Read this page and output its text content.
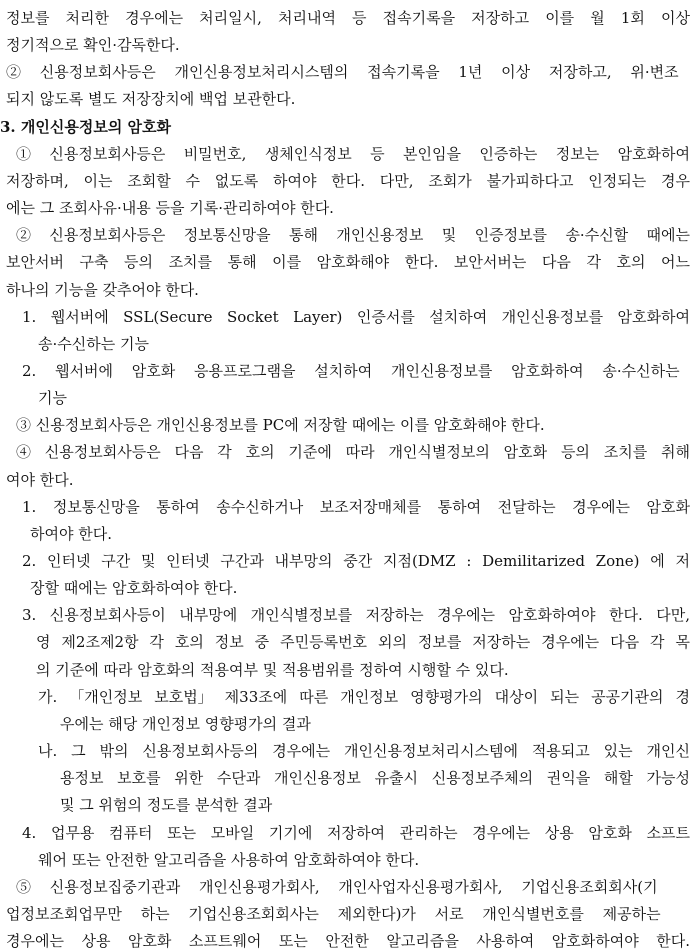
정보를 처리한 경우에는 처리일시, 처리내역 등 접속기록을 저장하고 이를 월 1회 이상
정기적으로 확인·감독한다.
② 신용정보회사등은 개인신용정보처리시스템의 접속기록을 1년 이상 저장하고, 위·변조
되지 않도록 별도 저장장치에 백업 보관한다.
3. 개인신용정보의 암호화
① 신용정보회사등은 비밀번호, 생체인식정보 등 본인임을 인증하는 정보는 암호화하여
저장하며, 이는 조회할 수 없도록 하여야 한다. 다만, 조회가 불가피하다고 인정되는 경우
에는 그 조회사유·내용 등을 기록·관리하여야 한다.
② 신용정보회사등은 정보통신망을 통해 개인신용정보 및 인증정보를 송·수신할 때에는
보안서버 구축 등의 조치를 통해 이를 암호화해야 한다. 보안서버는 다음 각 호의 어느
하나의 기능을 갖추어야 한다.
1. 웹서버에 SSL(Secure Socket Layer) 인증서를 설치하여 개인신용정보를 암호화하여
송·수신하는 기능
2. 웹서버에 암호화 응용프로그램을 설치하여 개인신용정보를 암호화하여 송·수신하는
기능
③ 신용정보회사등은 개인신용정보를 PC에 저장할 때에는 이를 암호화해야 한다.
④ 신용정보회사등은 다음 각 호의 기준에 따라 개인식별정보의 암호화 등의 조치를 취해
여야 한다.
1. 정보통신망을 통하여 송수신하거나 보조저장매체를 통하여 전달하는 경우에는 암호화
하여야 한다.
2. 인터넷 구간 및 인터넷 구간과 내부망의 중간 지점(DMZ : Demilitarized Zone) 에 저
장할 때에는 암호화하여야 한다.
3. 신용정보회사등이 내부망에 개인식별정보를 저장하는 경우에는 암호화하여야 한다. 다만,
영 제2조제2항 각 호의 정보 중 주민등록번호 외의 정보를 저장하는 경우에는 다음 각 목
의 기준에 따라 암호화의 적용여부 및 적용범위를 정하여 시행할 수 있다.
가. 「개인정보 보호법」 제33조에 따른 개인정보 영향평가의 대상이 되는 공공기관의 경
우에는 해당 개인정보 영향평가의 결과
나. 그 밖의 신용정보회사등의 경우에는 개인신용정보처리시스템에 적용되고 있는 개인신
용정보 보호를 위한 수단과 개인신용정보 유출시 신용정보주체의 권익을 해할 가능성
및 그 위험의 정도를 분석한 결과
4. 업무용 컴퓨터 또는 모바일 기기에 저장하여 관리하는 경우에는 상용 암호화 소프트
웨어 또는 안전한 알고리즘을 사용하여 암호화하여야 한다.
⑤ 신용정보집중기관과 개인신용평가회사, 개인사업자신용평가회사, 기업신용조회회사(기
업정보조회업무만 하는 기업신용조회회사는 제외한다)가 서로 개인식별번호를 제공하는
경우에는 상용 암호화 소프트웨어 또는 안전한 알고리즘을 사용하여 암호화하여야 한다.
